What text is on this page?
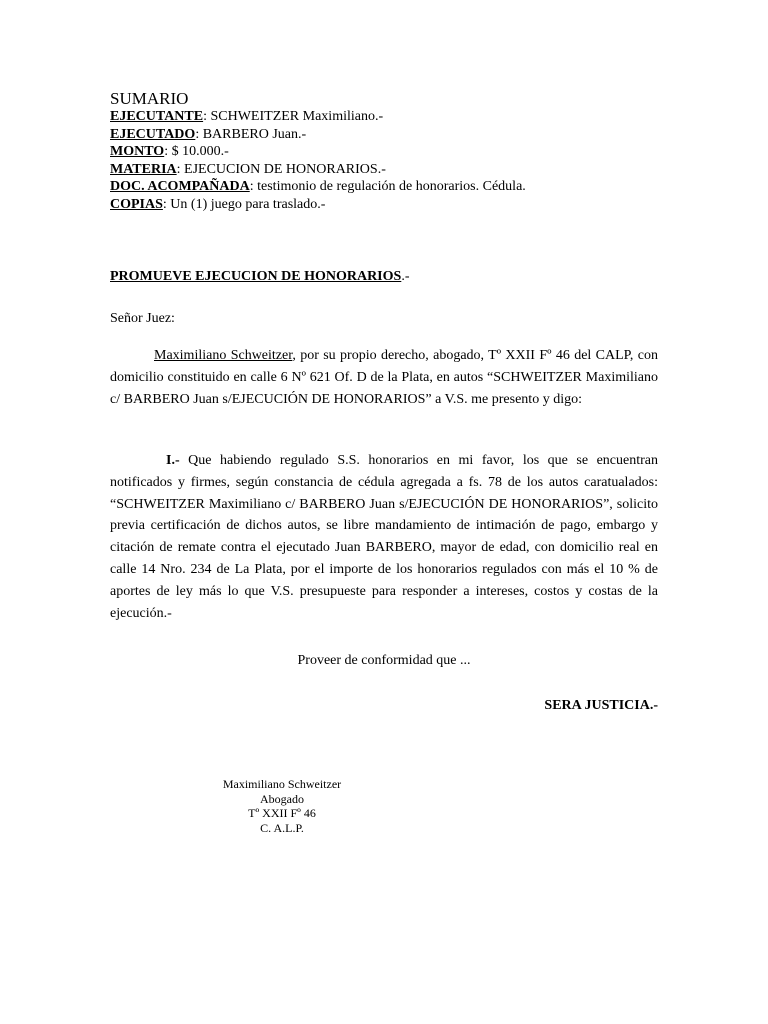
SUMARIO
EJECUTANTE: SCHWEITZER Maximiliano.-
EJECUTADO: BARBERO Juan.-
MONTO: $ 10.000.-
MATERIA: EJECUCION DE HONORARIOS.-
DOC. ACOMPAÑADA: testimonio de regulación de honorarios. Cédula.
COPIAS: Un (1) juego para traslado.-
PROMUEVE EJECUCION DE HONORARIOS.-
Señor Juez:
Maximiliano Schweitzer, por su propio derecho, abogado, Tº XXII Fº 46 del CALP, con domicilio constituido en calle 6 Nº 621 Of. D de la Plata, en autos “SCHWEITZER Maximiliano c/ BARBERO Juan s/EJECUCIÓN DE HONORARIOS” a V.S. me presento y digo:
I.- Que habiendo regulado S.S. honorarios en mi favor, los que se encuentran notificados y firmes, según constancia de cédula agregada a fs. 78 de los autos caratualados: “SCHWEITZER Maximiliano c/ BARBERO Juan s/EJECUCIÓN DE HONORARIOS”, solicito previa certificación de dichos autos, se libre mandamiento de intimación de pago, embargo y citación de remate contra el ejecutado Juan BARBERO, mayor de edad, con domicilio real en calle 14 Nro. 234 de La Plata, por el importe de los honorarios regulados con más el 10 % de aportes de ley más lo que V.S. presupueste para responder a intereses, costos y costas de la ejecución.-
Proveer de conformidad que ...
SERA JUSTICIA.-
Maximiliano Schweitzer
Abogado
Tº XXII Fº 46
C. A.L.P.
